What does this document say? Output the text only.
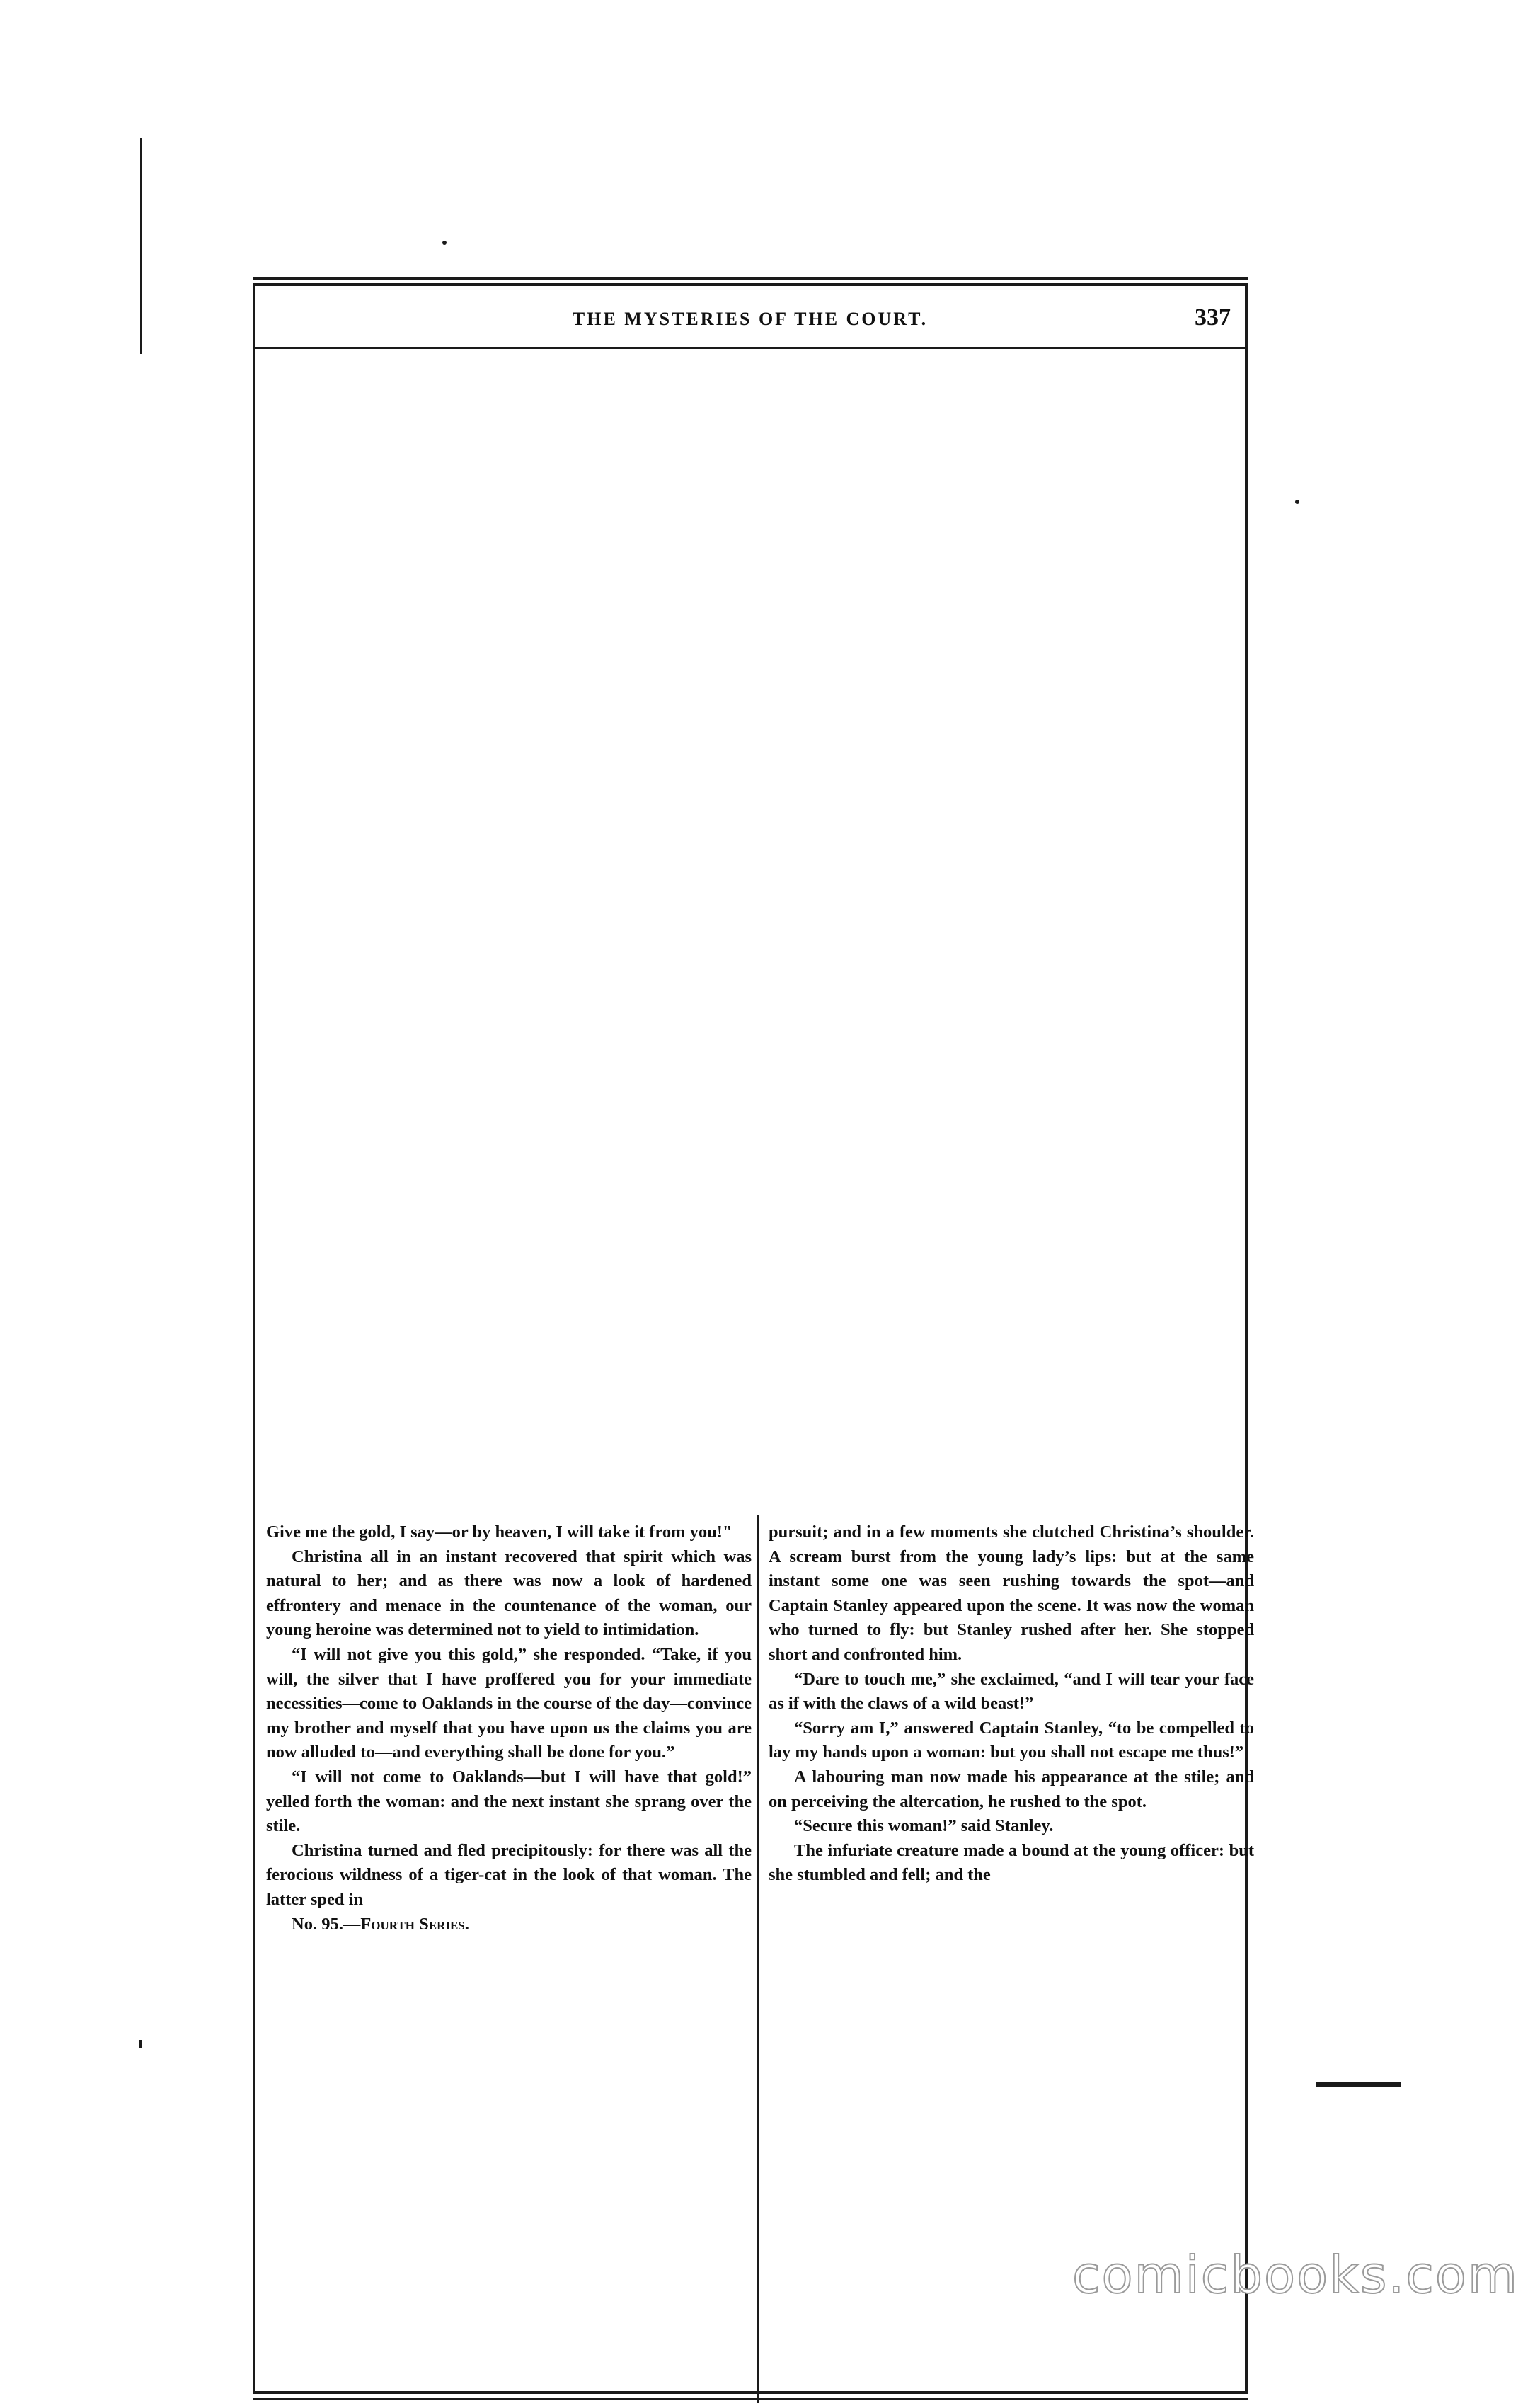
THE MYSTERIES OF THE COURT.	337

Give me the gold, I say—or by heaven, I will take it from you!"

Christina all in an instant recovered that spirit which was natural to her; and as there was now a look of hardened effrontery and menace in the countenance of the woman, our young heroine was determined not to yield to intimidation.

“I will not give you this gold,” she responded. “Take, if you will, the silver that I have proffered you for your immediate necessities—come to Oaklands in the course of the day—convince my brother and myself that you have upon us the claims you are now alluded to—and everything shall be done for you.”

“I will not come to Oaklands—but I will have that gold!” yelled forth the woman: and the next instant she sprang over the stile.

Christina turned and fled precipitously: for there was all the ferocious wildness of a tiger-cat in the look of that woman. The latter sped in

No. 95.—Fourth Series.

pursuit; and in a few moments she clutched Christina’s shoulder. A scream burst from the young lady’s lips: but at the same instant some one was seen rushing towards the spot—and Captain Stanley appeared upon the scene. It was now the woman who turned to fly: but Stanley rushed after her. She stopped short and confronted him.

“Dare to touch me,” she exclaimed, “and I will tear your face as if with the claws of a wild beast!”

“Sorry am I,” answered Captain Stanley, “to be compelled to lay my hands upon a woman: but you shall not escape me thus!”

A labouring man now made his appearance at the stile; and on perceiving the altercation, he rushed to the spot.

“Secure this woman!” said Stanley.

The infuriate creature made a bound at the young officer: but she stumbled and fell; and the

comicbooks.com
